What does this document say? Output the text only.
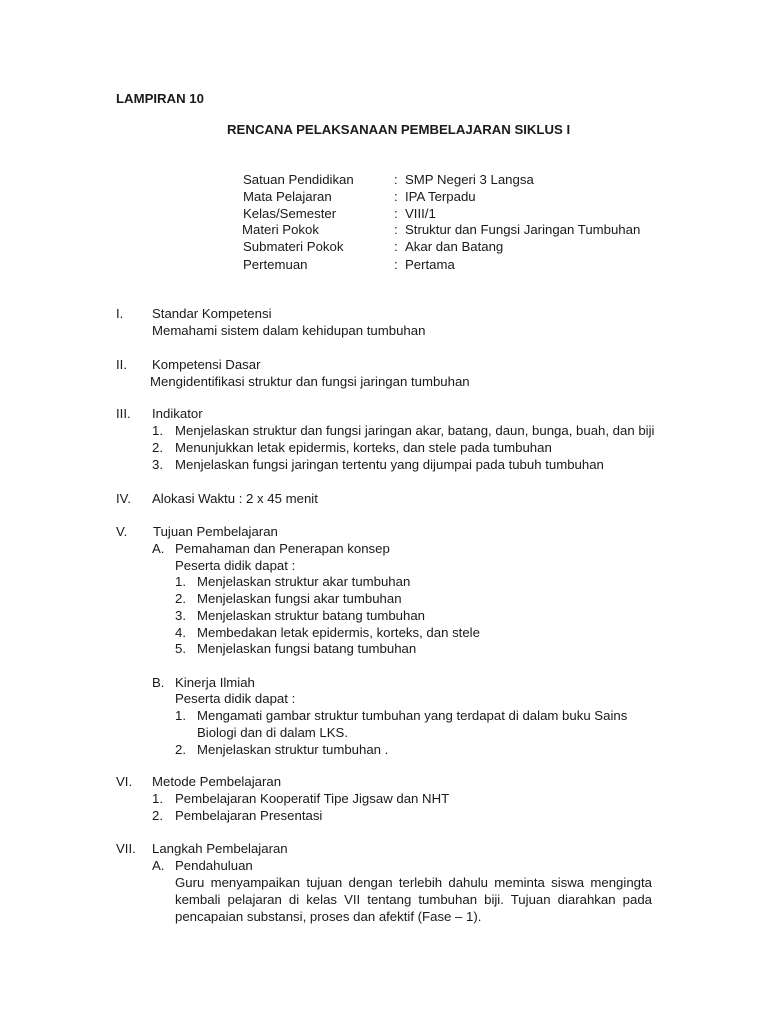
LAMPIRAN 10
RENCANA PELAKSANAAN PEMBELAJARAN SIKLUS I
Satuan Pendidikan	: SMP Negeri 3 Langsa
Mata Pelajaran	: IPA Terpadu
Kelas/Semester	: VIII/1
Materi Pokok	: Struktur dan Fungsi Jaringan Tumbuhan
Submateri Pokok	: Akar dan Batang
Pertemuan	: Pertama
I. Standar Kompetensi
Memahami sistem dalam kehidupan tumbuhan
II. Kompetensi Dasar
Mengidentifikasi struktur dan fungsi jaringan tumbuhan
III. Indikator
1. Menjelaskan struktur dan fungsi jaringan akar, batang, daun, bunga, buah, dan biji
2. Menunjukkan letak epidermis, korteks, dan stele pada tumbuhan
3. Menjelaskan fungsi jaringan tertentu yang dijumpai pada tubuh tumbuhan
IV. Alokasi Waktu : 2 x 45 menit
V. Tujuan Pembelajaran
A. Pemahaman dan Penerapan konsep
Peserta didik dapat :
1. Menjelaskan struktur akar tumbuhan
2. Menjelaskan fungsi akar tumbuhan
3. Menjelaskan struktur batang tumbuhan
4. Membedakan letak epidermis, korteks, dan stele
5. Menjelaskan fungsi batang tumbuhan
B. Kinerja Ilmiah
Peserta didik dapat :
1. Mengamati gambar struktur tumbuhan yang terdapat di dalam buku Sains
Biologi dan di dalam LKS.
2. Menjelaskan struktur tumbuhan .
VI. Metode Pembelajaran
1. Pembelajaran Kooperatif Tipe Jigsaw dan NHT
2. Pembelajaran Presentasi
VII. Langkah Pembelajaran
A. Pendahuluan

Guru menyampaikan tujuan dengan terlebih dahulu meminta siswa mengingta kembali pelajaran di kelas VII tentang tumbuhan biji. Tujuan diarahkan pada pencapaian substansi, proses dan afektif (Fase – 1).
